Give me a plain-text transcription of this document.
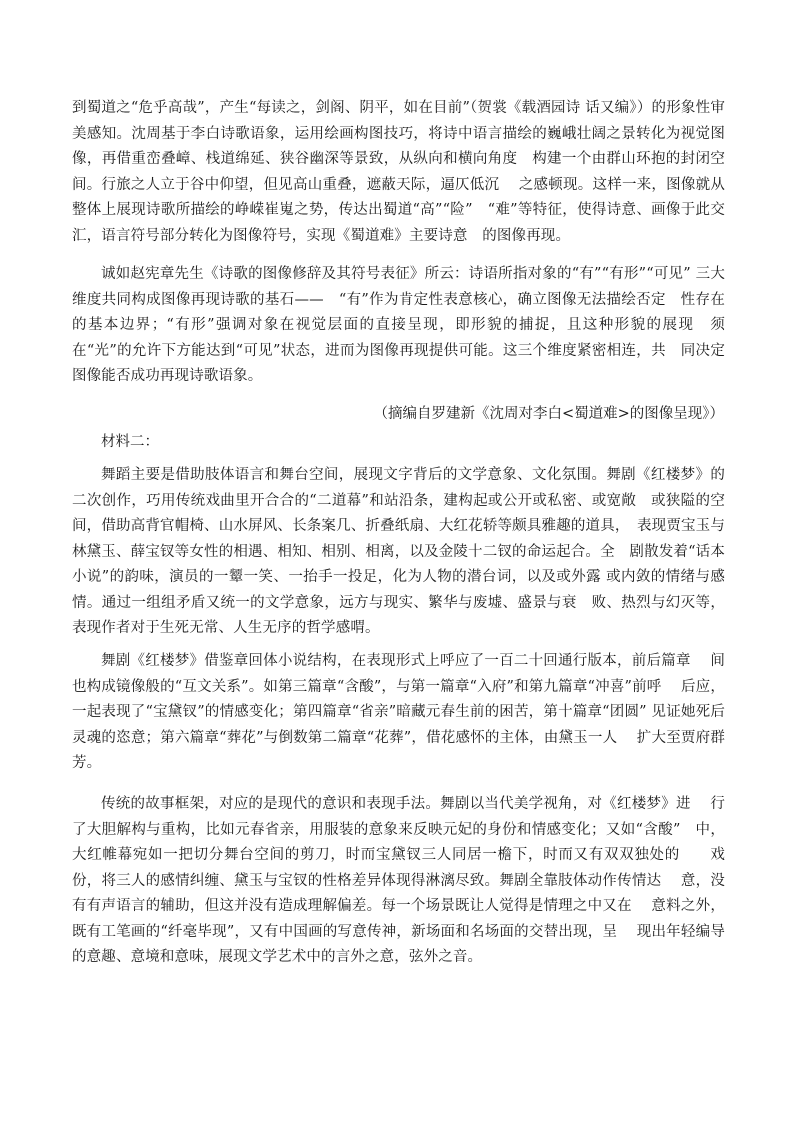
到蜀道之“危乎高哉”，产生“每读之，剑阁、阴平，如在目前”（贺裳《载酒园诗 话又编》）的形象性审美感知。沈周基于李白诗歌语象，运用绘画构图技巧，将诗中语言描绘的巍峨壮阔之景转化为视觉图像，再借重峦叠嶂、栈道绵延、狭谷幽深等景致，从纵向和横向角度　构建一个由群山环抱的封闭空间。行旅之人立于谷中仰望，但见高山重叠，遮蔽天际，逼仄低沉　 之感顿现。这样一来，图像就从整体上展现诗歌所描绘的峥嵘崔嵬之势，传达出蜀道“高”“险”　“难”等特征，使得诗意、画像于此交汇，语言符号部分转化为图像符号，实现《蜀道难》主要诗意　的图像再现。

诚如赵宪章先生《诗歌的图像修辞及其符号表征》所云：诗语所指对象的“有”“有形”“可见” 三大维度共同构成图像再现诗歌的基石——　“有”作为肯定性表意核心，确立图像无法描绘否定　性存在的基本边界；“有形”强调对象在视觉层面的直接呈现，即形貌的捕捉，且这种形貌的展现　须在“光”的允许下方能达到“可见”状态，进而为图像再现提供可能。这三个维度紧密相连，共　同决定图像能否成功再现诗歌语象。

（摘编自罗建新《沈周对李白<蜀道难>的图像呈现》）

材料二：

舞蹈主要是借助肢体语言和舞台空间，展现文字背后的文学意象、文化氛围。舞剧《红楼梦》的二次创作，巧用传统戏曲里开合合的“二道幕”和站沿条，建构起或公开或私密、或宽敞　或狭隘的空间，借助高背官帽椅、山水屏风、长条案几、折叠纸扇、大红花轿等颇具雅趣的道具，　表现贾宝玉与林黛玉、薛宝钗等女性的相遇、相知、相别、相离，以及金陵十二钗的命运起合。全　剧散发着“话本小说”的韵味，演员的一颦一笑、一抬手一投足，化为人物的潜台词，以及或外露 或内敛的情绪与感情。通过一组组矛盾又统一的文学意象，远方与现实、繁华与废墟、盛景与衰　败、热烈与幻灭等，表现作者对于生死无常、人生无序的哲学感喟。

舞剧《红楼梦》借鉴章回体小说结构，在表现形式上呼应了一百二十回通行版本，前后篇章　 间也构成镜像般的“互文关系”。如第三篇章“含酸”，与第一篇章“入府”和第九篇章“冲喜”前呼　 后应，一起表现了“宝黛钗”的情感变化；第四篇章“省亲”暗藏元春生前的困苦，第十篇章“团圆” 见证她死后灵魂的恣意；第六篇章“葬花”与倒数第二篇章“花葬”，借花感怀的主体，由黛玉一人　 扩大至贾府群芳。

传统的故事框架，对应的是现代的意识和表现手法。舞剧以当代美学视角，对《红楼梦》进　 行了大胆解构与重构，比如元春省亲，用服装的意象来反映元妃的身份和情感变化；又如“含酸”　中，大红帷幕宛如一把切分舞台空间的剪刀，时而宝黛钗三人同居一檐下，时而又有双双独处的　　戏份，将三人的感情纠缠、黛玉与宝钗的性格差异体现得淋漓尽致。舞剧全靠肢体动作传情达　 意，没有有声语言的辅助，但这并没有造成理解偏差。每一个场景既让人觉得是情理之中又在　 意料之外，既有工笔画的“纤毫毕现”，又有中国画的写意传神，新场面和名场面的交替出现，呈　 现出年轻编导的意趣、意境和意味，展现文学艺术中的言外之意，弦外之音。
